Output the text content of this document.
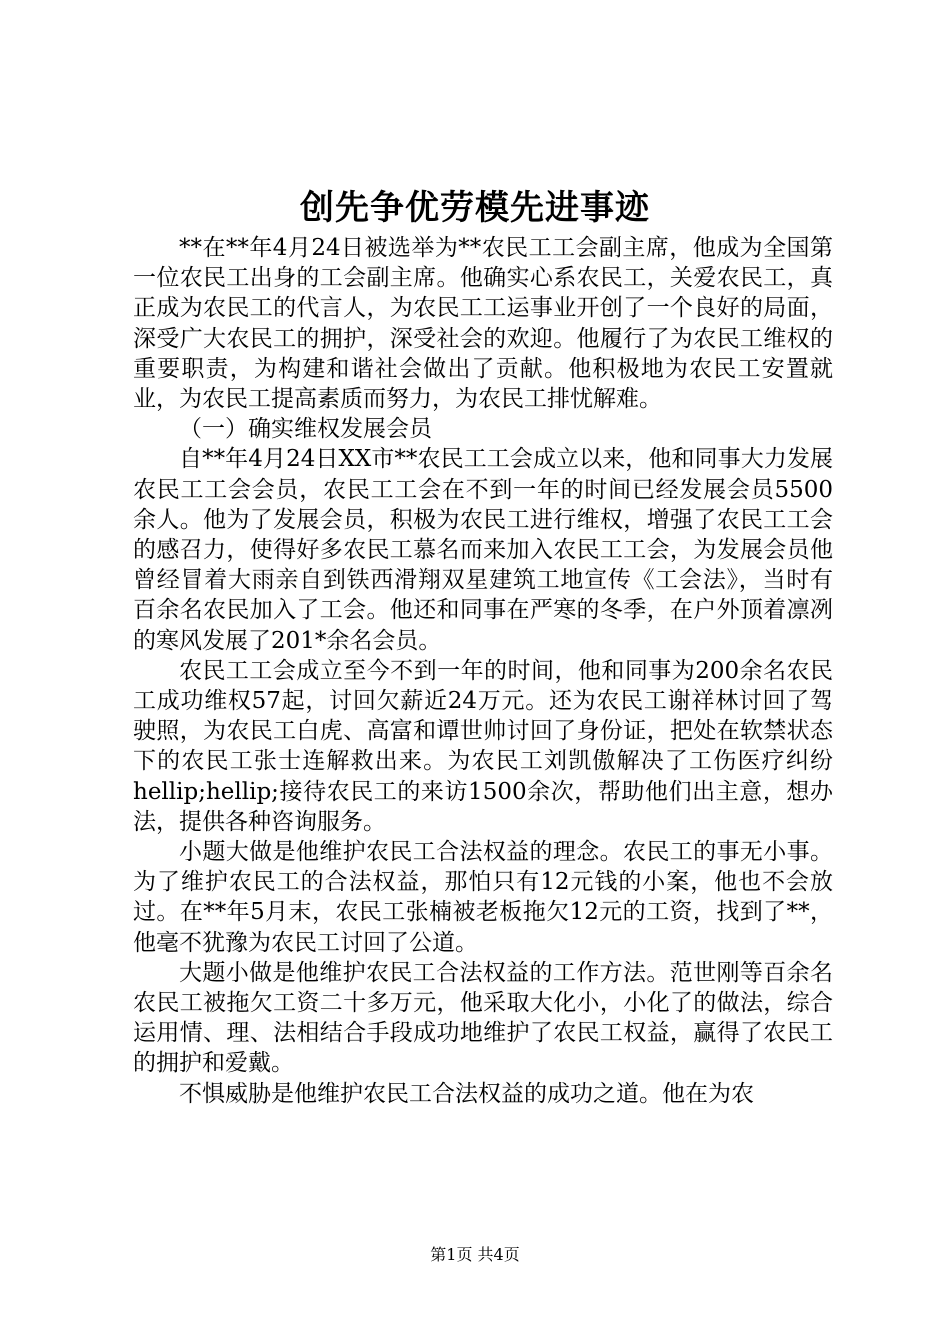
创先争优劳模先进事迹

**在**年4月24日被选举为**农民工工会副主席，他成为全国第一位农民工出身的工会副主席。他确实心系农民工，关爱农民工，真正成为农民工的代言人，为农民工工运事业开创了一个良好的局面，深受广大农民工的拥护，深受社会的欢迎。他履行了为农民工维权的重要职责，为构建和谐社会做出了贡献。他积极地为农民工安置就业，为农民工提高素质而努力，为农民工排忧解难。

（一）确实维权发展会员

自**年4月24日XX市**农民工工会成立以来，他和同事大力发展农民工工会会员，农民工工会在不到一年的时间已经发展会员5500余人。他为了发展会员，积极为农民工进行维权，增强了农民工工会的感召力，使得好多农民工慕名而来加入农民工工会，为发展会员他曾经冒着大雨亲自到铁西滑翔双星建筑工地宣传《工会法》，当时有百余名农民加入了工会。他还和同事在严寒的冬季，在户外顶着凛冽的寒风发展了201*余名会员。

农民工工会成立至今不到一年的时间，他和同事为200余名农民工成功维权57起，讨回欠薪近24万元。还为农民工谢祥林讨回了驾驶照，为农民工白虎、高富和谭世帅讨回了身份证，把处在软禁状态下的农民工张士连解救出来。为农民工刘凯傲解决了工伤医疗纠纷hellip;hellip;接待农民工的来访1500余次，帮助他们出主意，想办法，提供各种咨询服务。

小题大做是他维护农民工合法权益的理念。农民工的事无小事。为了维护农民工的合法权益，那怕只有12元钱的小案，他也不会放过。在**年5月末，农民工张楠被老板拖欠12元的工资，找到了**，他毫不犹豫为农民工讨回了公道。

大题小做是他维护农民工合法权益的工作方法。范世刚等百余名农民工被拖欠工资二十多万元，他采取大化小，小化了的做法，综合运用情、理、法相结合手段成功地维护了农民工权益，赢得了农民工的拥护和爱戴。

不惧威胁是他维护农民工合法权益的成功之道。他在为农

第1页 共4页
